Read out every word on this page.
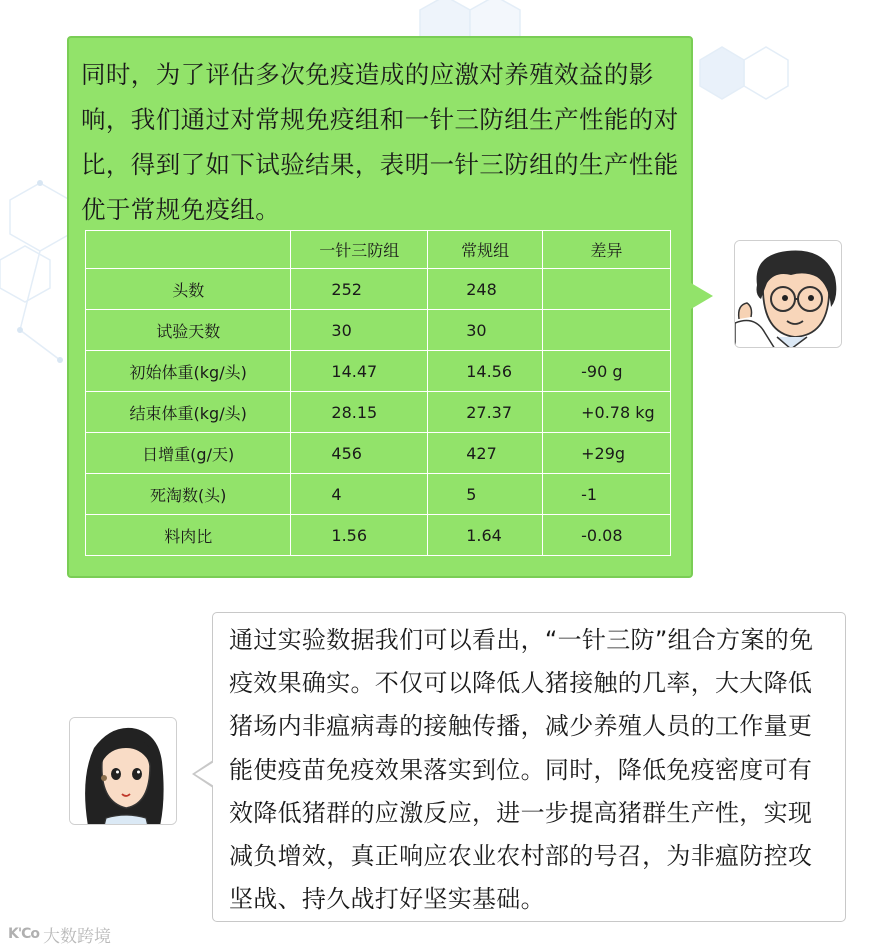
同时，为了评估多次免疫造成的应激对养殖效益的影响，我们通过对常规免疫组和一针三防组生产性能的对比，得到了如下试验结果，表明一针三防组的生产性能优于常规免疫组。

	一针三防组	常规组	差异
头数	252	248	
试验天数	30	30	
初始体重(kg/头)	14.47	14.56	-90 g
结束体重(kg/头)	28.15	27.37	+0.78 kg
日增重(g/天)	456	427	+29g
死淘数(头)	4	5	-1
料肉比	1.56	1.64	-0.08

通过实验数据我们可以看出，“一针三防”组合方案的免疫效果确实。不仅可以降低人猪接触的几率，大大降低猪场内非瘟病毒的接触传播，减少养殖人员的工作量更能使疫苗免疫效果落实到位。同时，降低免疫密度可有效降低猪群的应激反应，进一步提高猪群生产性，实现减负增效，真正响应农业农村部的号召，为非瘟防控攻坚战、持久战打好坚实基础。

K'Co 大数跨境
